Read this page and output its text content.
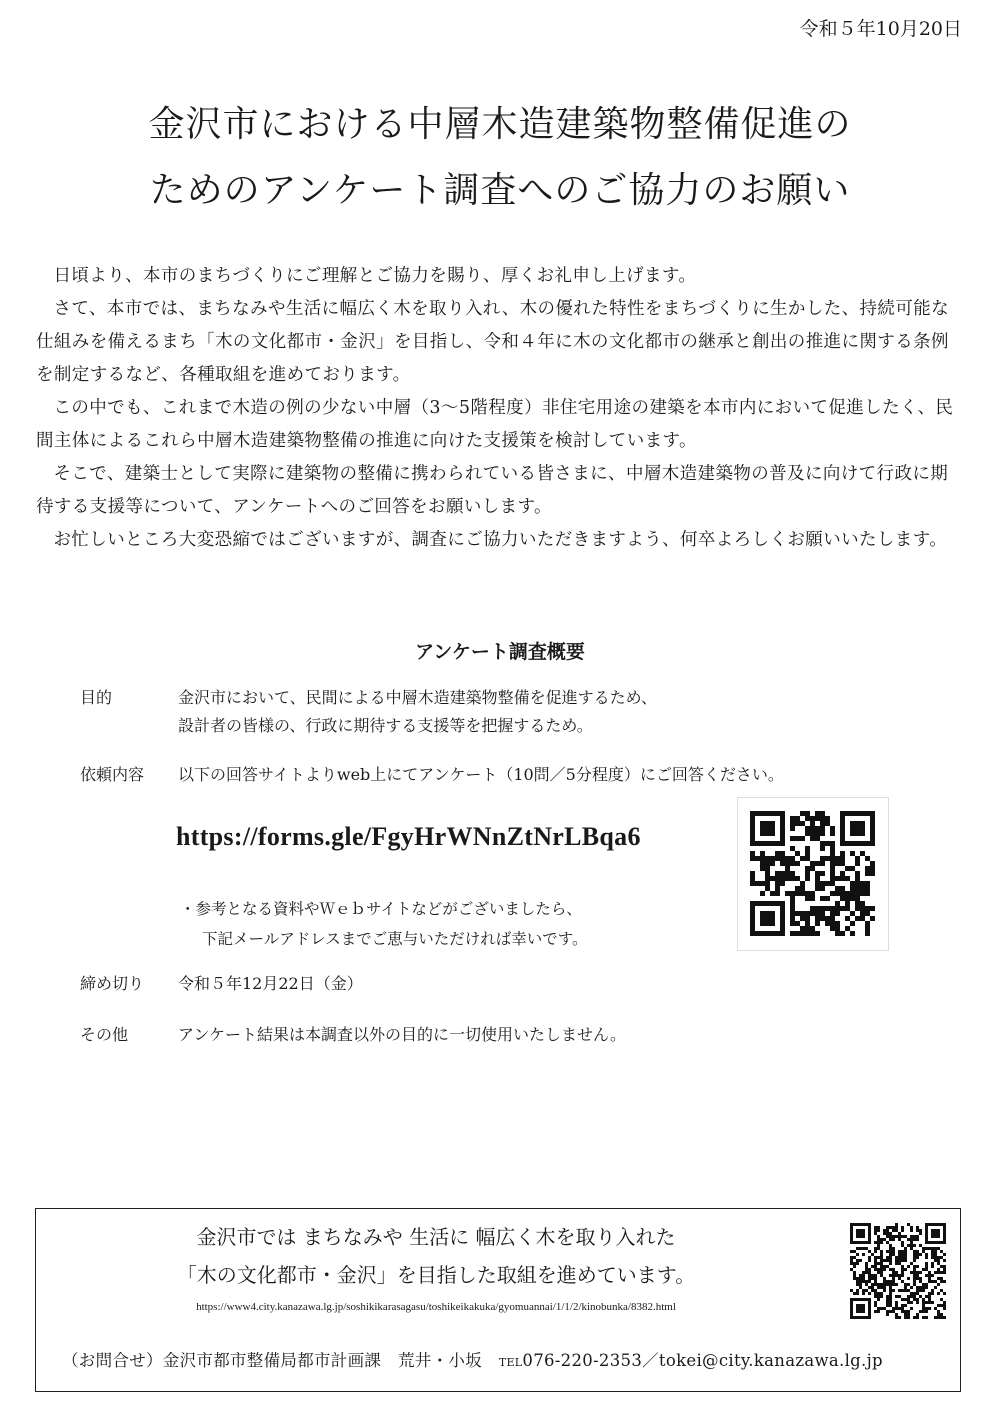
令和５年10月20日
金沢市における中層木造建築物整備促進の
ためのアンケート調査へのご協力のお願い

日頃より、本市のまちづくりにご理解とご協力を賜り、厚くお礼申し上げます。

さて、本市では、まちなみや生活に幅広く木を取り入れ、木の優れた特性をまちづくりに生かした、持続可能な仕組みを備えるまち「木の文化都市・金沢」を目指し、令和４年に木の文化都市の継承と創出の推進に関する条例を制定するなど、各種取組を進めております。

この中でも、これまで木造の例の少ない中層（3〜5階程度）非住宅用途の建築を本市内において促進したく、民間主体によるこれら中層木造建築物整備の推進に向けた支援策を検討しています。

そこで、建築士として実際に建築物の整備に携わられている皆さまに、中層木造建築物の普及に向けて行政に期待する支援等について、アンケートへのご回答をお願いします。

お忙しいところ大変恐縮ではございますが、調査にご協力いただきますよう、何卒よろしくお願いいたします。

アンケート調査概要
目的	金沢市において、民間による中層木造建築物整備を促進するため、
設計者の皆様の、行政に期待する支援等を把握するため。
依頼内容	以下の回答サイトよりweb上にてアンケート（10問／5分程度）にご回答ください。
https://forms.gle/FgyHrWNnZtNrLBqa6
・参考となる資料やＷｅｂサイトなどがございましたら、
下記メールアドレスまでご恵与いただければ幸いです。
締め切り	令和５年12月22日（金）
その他	アンケート結果は本調査以外の目的に一切使用いたしません。
金沢市では まちなみや 生活に 幅広く木を取り入れた
「木の文化都市・金沢」を目指した取組を進めています。
https://www4.city.kanazawa.lg.jp/soshikikarasagasu/toshikeikakuka/gyomuannai/1/1/2/kinobunka/8382.html
（お問合せ）金沢市都市整備局都市計画課　荒井・小坂　TEL076-220-2353／tokei@city.kanazawa.lg.jp
